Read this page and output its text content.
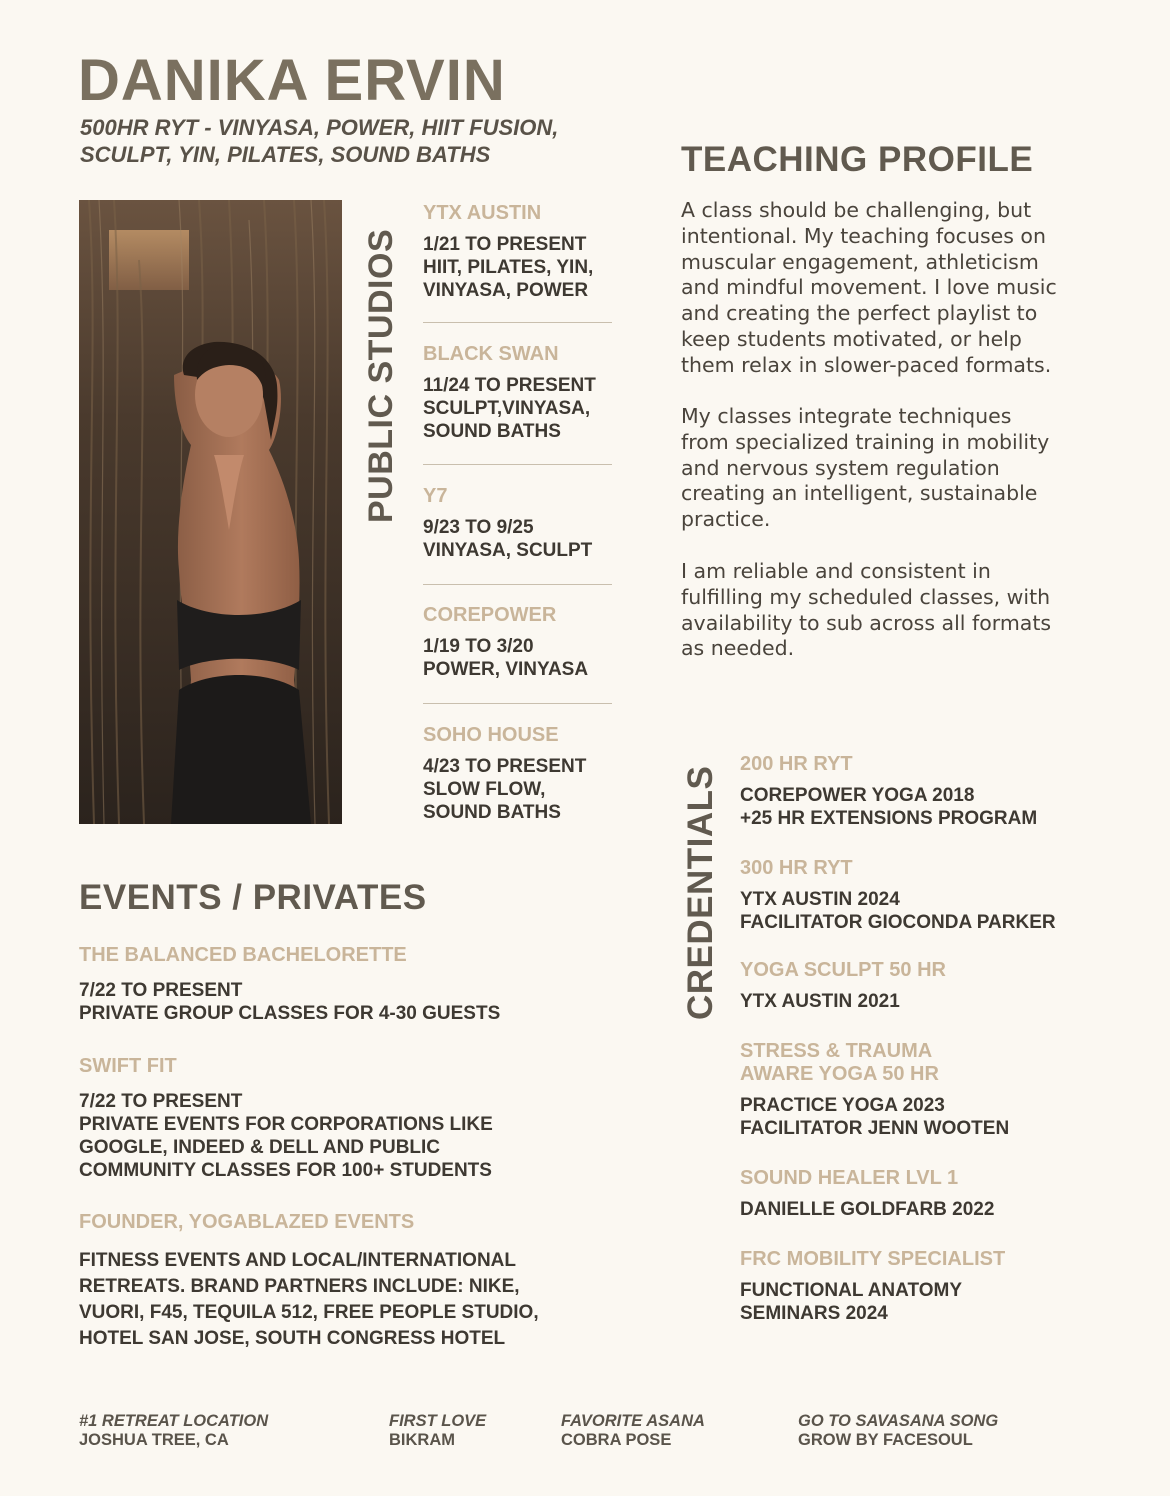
DANIKA ERVIN
500HR RYT - VINYASA, POWER, HIIT FUSION,
SCULPT, YIN, PILATES, SOUND BATHS
PUBLIC STUDIOS
YTX AUSTIN
1/21 TO PRESENT
HIIT, PILATES, YIN,
VINYASA, POWER
BLACK SWAN
11/24 TO PRESENT
SCULPT,VINYASA,
SOUND BATHS
Y7
9/23 TO 9/25
VINYASA, SCULPT
COREPOWER
1/19 TO 3/20
POWER, VINYASA
SOHO HOUSE
4/23 TO PRESENT
SLOW FLOW,
SOUND BATHS
TEACHING PROFILE
A class should be challenging, but
intentional. My teaching focuses on
muscular engagement, athleticism
and mindful movement. I love music
and creating the perfect playlist to
keep students motivated, or help
them relax in slower-paced formats.
My classes integrate techniques
from specialized training in mobility
and nervous system regulation
creating an intelligent, sustainable
practice.
I am reliable and consistent in
fulfilling my scheduled classes, with
availability to sub across all formats
as needed.
CREDENTIALS
200 HR RYT
COREPOWER YOGA 2018
+25 HR EXTENSIONS PROGRAM
300 HR RYT
YTX AUSTIN 2024
FACILITATOR GIOCONDA PARKER
YOGA SCULPT 50 HR
YTX AUSTIN 2021
STRESS & TRAUMA
AWARE YOGA 50 HR
PRACTICE YOGA 2023
FACILITATOR JENN WOOTEN
SOUND HEALER LVL 1
DANIELLE GOLDFARB 2022
FRC MOBILITY SPECIALIST
FUNCTIONAL ANATOMY
SEMINARS 2024
EVENTS / PRIVATES
THE BALANCED BACHELORETTE
7/22 TO PRESENT
PRIVATE GROUP CLASSES FOR 4-30 GUESTS
SWIFT FIT
7/22 TO PRESENT
PRIVATE EVENTS FOR CORPORATIONS LIKE
GOOGLE, INDEED & DELL AND PUBLIC
COMMUNITY CLASSES FOR 100+ STUDENTS
FOUNDER, YOGABLAZED EVENTS
FITNESS EVENTS AND LOCAL/INTERNATIONAL
RETREATS. BRAND PARTNERS INCLUDE: NIKE,
VUORI, F45, TEQUILA 512, FREE PEOPLE STUDIO,
HOTEL SAN JOSE, SOUTH CONGRESS HOTEL
#1 RETREAT LOCATION
JOSHUA TREE, CA
FIRST LOVE
BIKRAM
FAVORITE ASANA
COBRA POSE
GO TO SAVASANA SONG
GROW BY FACESOUL
